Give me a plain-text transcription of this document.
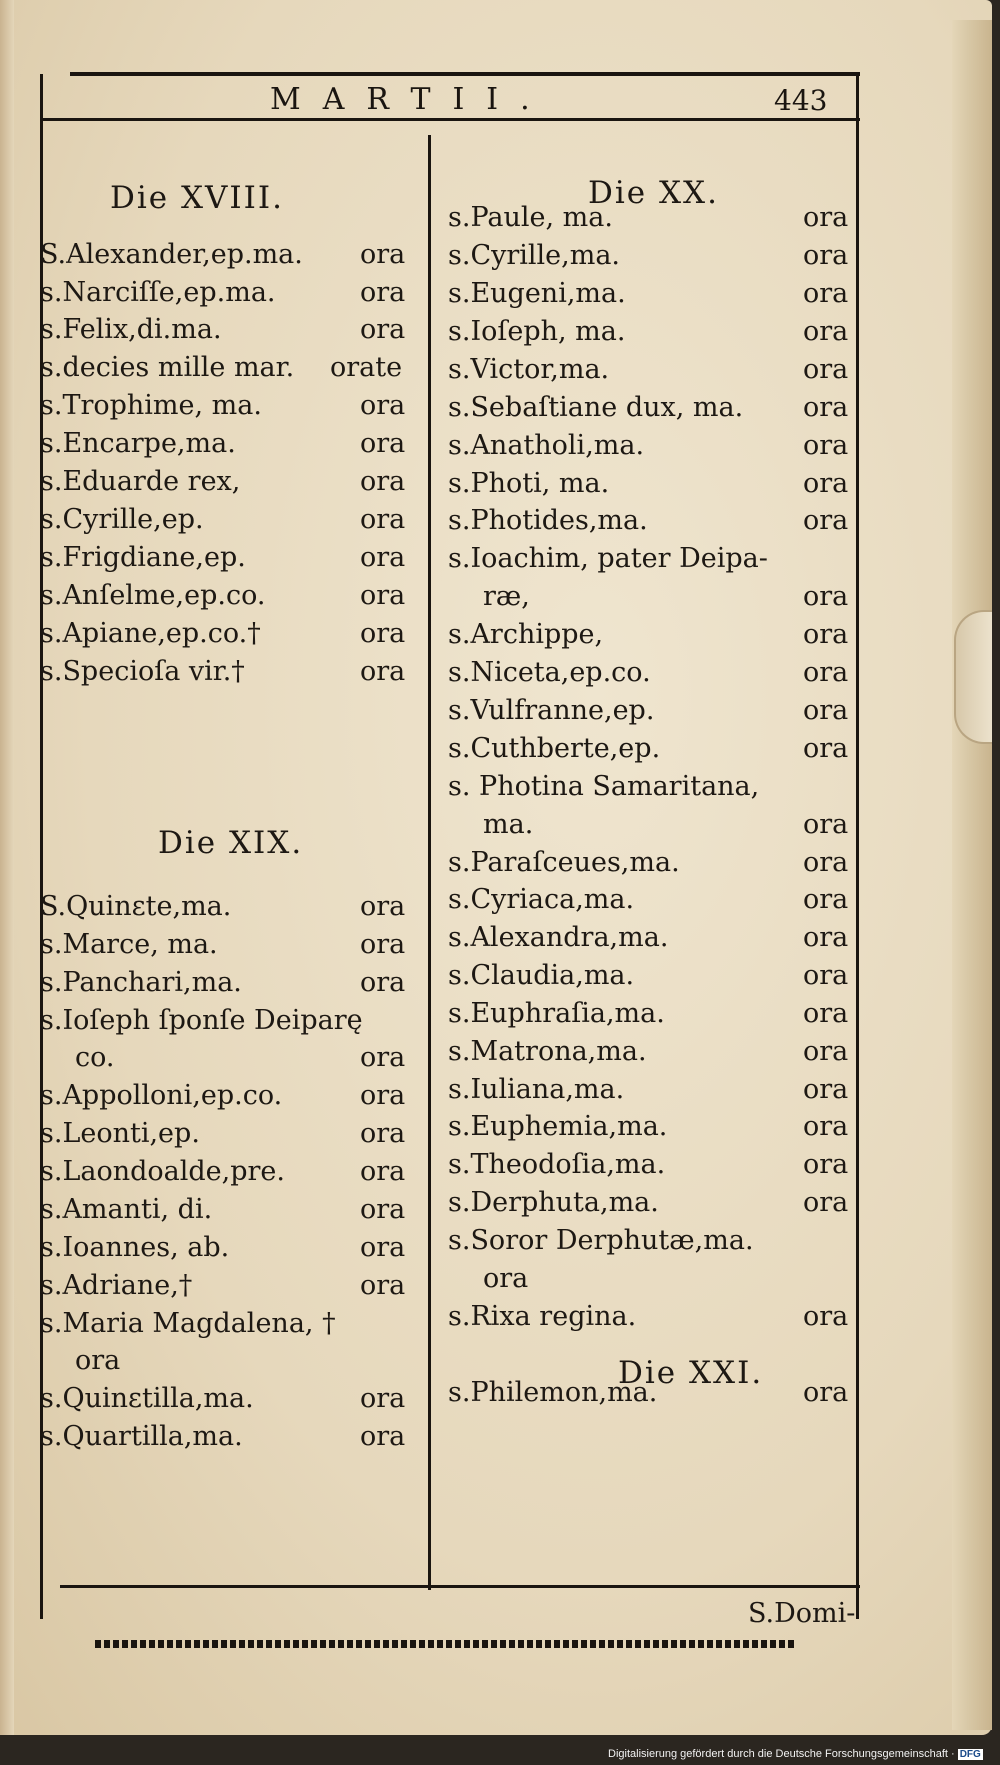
MARTII.	443
Die XVIII.
S.Alexander,ep.ma. ora
s.Narciſſe,ep.ma.	ora
s.Felix,di.ma.	ora
s.decies mille mar. orate
s.Trophime, ma.	ora
s.Encarpe,ma.	ora
s.Eduarde rex,	ora
s.Cyrille,ep.	ora
s.Frigdiane,ep.	ora
s.Anſelme,ep.co.	ora
s.Apiane,ep.co.†	ora
s.Specioſa vir.†	ora
Die XIX.
S.Quinɛte,ma.	ora
s.Marce, ma.	ora
s.Panchari,ma.	ora
s.Ioſeph ſponſe Deiparę
co.	ora
s.Appolloni,ep.co.	ora
s.Leonti,ep.	ora
s.Laondoalde,pre.	ora
s.Amanti, di.	ora
s.Ioannes, ab.	ora
s.Adriane,†	ora
s.Maria Magdalena, †
ora
s.Quinɛtilla,ma.	ora
s.Quartilla,ma.	ora
Die XX.
s.Paule, ma.	ora
s.Cyrille,ma.	ora
s.Eugeni,ma.	ora
s.Ioſeph, ma.	ora
s.Victor,ma.	ora
s.Sebaſtiane dux, ma. ora
s.Anatholi,ma.	ora
s.Photi, ma.	ora
s.Photides,ma.	ora
s.Ioachim, pater Deipa-
ræ,	ora
s.Archippe,	ora
s.Niceta,ep.co.	ora
s.Vulfranne,ep.	ora
s.Cuthberte,ep.	ora
s. Photina Samaritana,
ma.	ora
s.Paraſceues,ma.	ora
s.Cyriaca,ma.	ora
s.Alexandra,ma.	ora
s.Claudia,ma.	ora
s.Euphraſia,ma.	ora
s.Matrona,ma.	ora
s.Iuliana,ma.	ora
s.Euphemia,ma.	ora
s.Theodoſia,ma.	ora
s.Derphuta,ma.	ora
s.Soror Derphutæ,ma.
ora
s.Rixa regina.	ora
Die XXI.
s.Philemon,ma.	ora
S.Domi-
Digitalisierung gefördert durch die Deutsche Forschungsgemeinschaft · DFG
